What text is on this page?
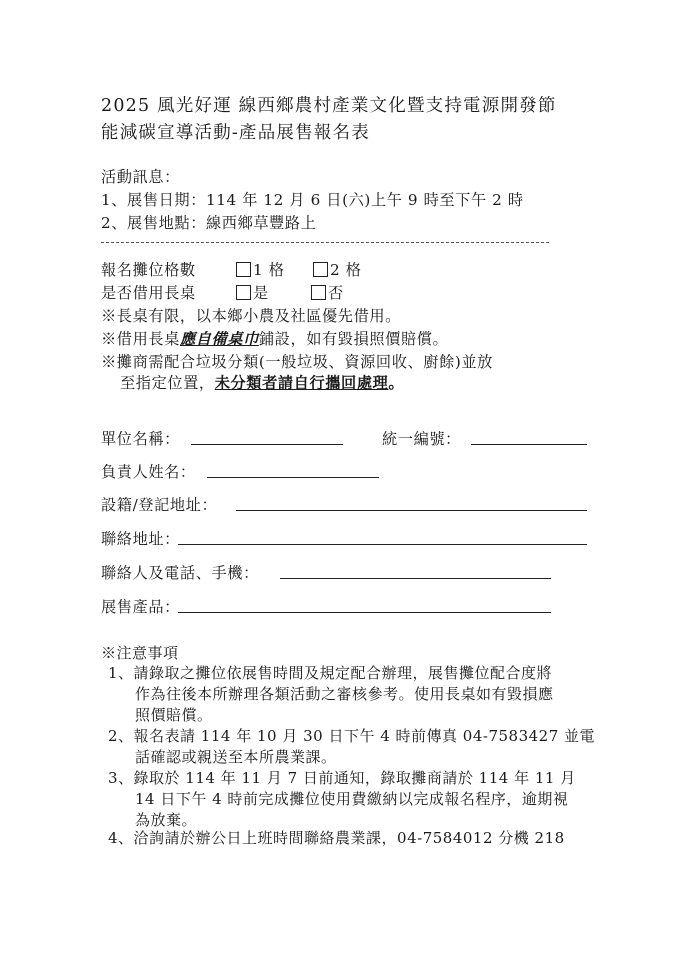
2025 風光好運 線西鄉農村產業文化暨支持電源開發節
能減碳宣導活動-產品展售報名表
活動訊息：
1、展售日期：114 年 12 月 6 日(六)上午 9 時至下午 2 時
2、展售地點：線西鄉草豐路上
報名攤位格數	1 格	2 格
是否借用長桌	是	否
※長桌有限，以本鄉小農及社區優先借用。
※借用長桌應自備桌巾鋪設，如有毀損照價賠償。
※攤商需配合垃圾分類(一般垃圾、資源回收、廚餘)並放
至指定位置，未分類者請自行攜回處理。
單位名稱：	統一編號：
負責人姓名：
設籍/登記地址：
聯絡地址：
聯絡人及電話、手機：
展售產品：
※注意事項
1、請錄取之攤位依展售時間及規定配合辦理，展售攤位配合度將
作為往後本所辦理各類活動之審核參考。使用長桌如有毀損應
照價賠償。
2、報名表請 114 年 10 月 30 日下午 4 時前傳真 04-7583427 並電
話確認或親送至本所農業課。
3、錄取於 114 年 11 月 7 日前通知，錄取攤商請於 114 年 11 月
14 日下午 4 時前完成攤位使用費繳納以完成報名程序，逾期視
為放棄。
4、洽詢請於辦公日上班時間聯絡農業課，04-7584012 分機 218
